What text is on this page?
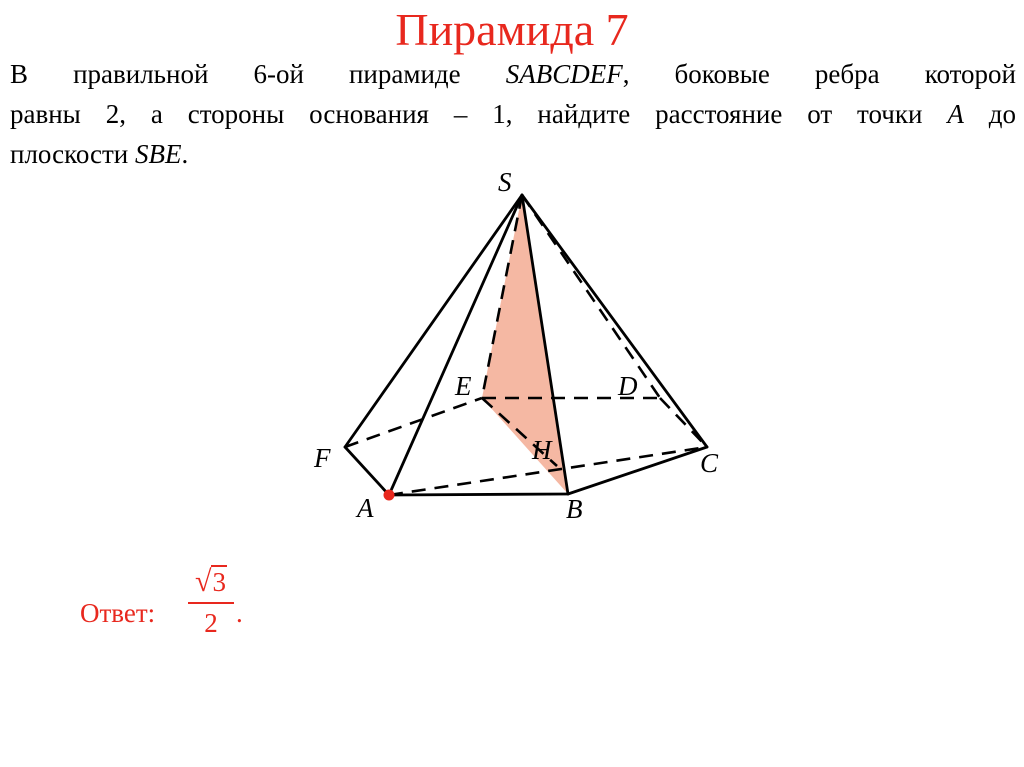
Пирамида 7
В правильной 6-ой пирамиде SABCDEF, боковые ребра которой
равны 2, а стороны основания – 1, найдите расстояние от точки A до
плоскости SBE.
S
E	D
F	H	C
A	B
Ответ:
√3
2 .
